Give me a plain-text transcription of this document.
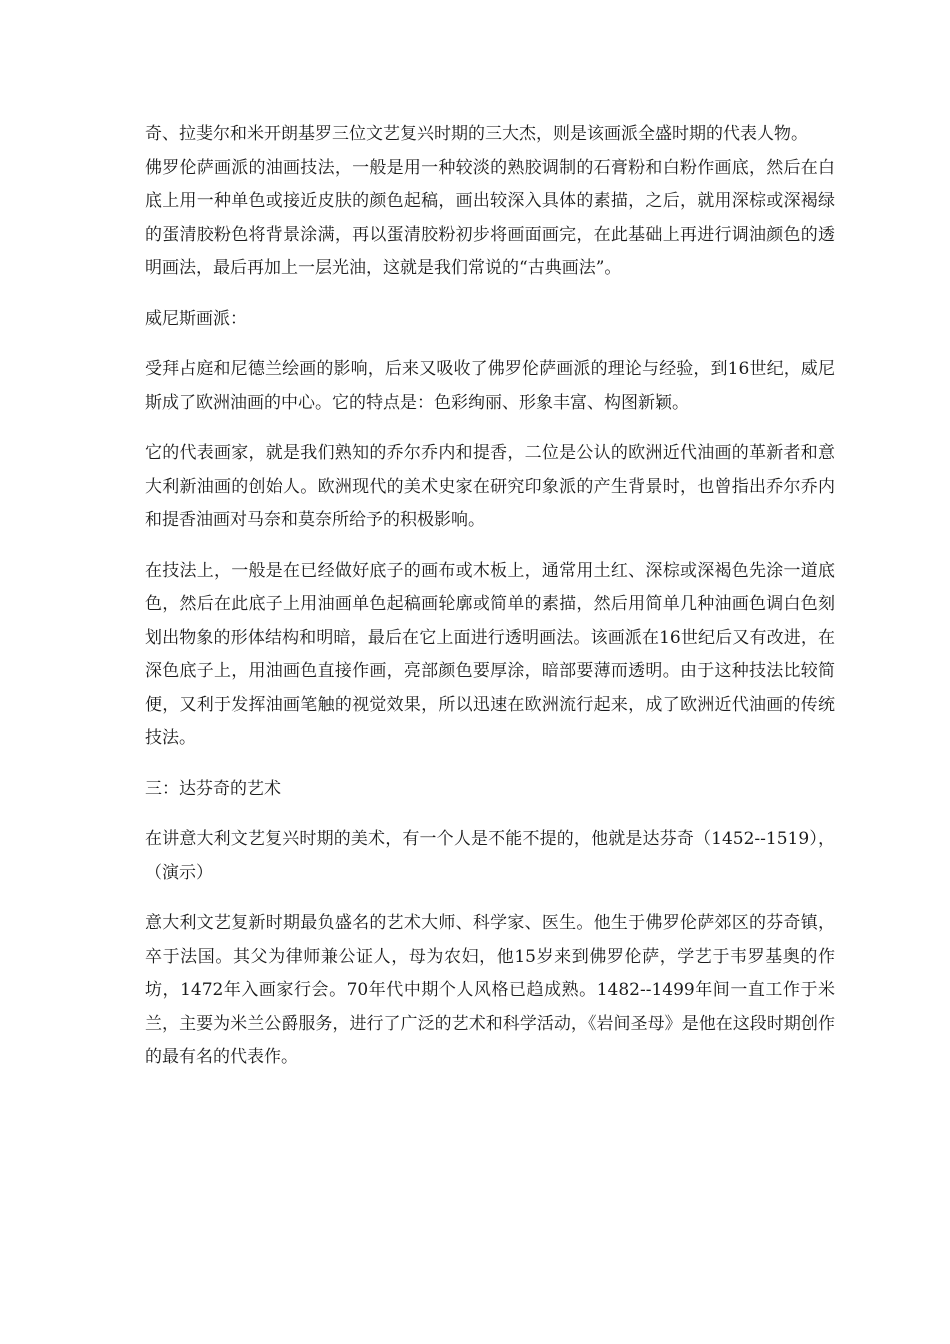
奇、拉斐尔和米开朗基罗三位文艺复兴时期的三大杰，则是该画派全盛时期的代表人物。

佛罗伦萨画派的油画技法，一般是用一种较淡的熟胶调制的石膏粉和白粉作画底，然后在白底上用一种单色或接近皮肤的颜色起稿，画出较深入具体的素描，之后，就用深棕或深褐绿的蛋清胶粉色将背景涂满，再以蛋清胶粉初步将画面画完，在此基础上再进行调油颜色的透明画法，最后再加上一层光油，这就是我们常说的“古典画法”。

威尼斯画派：

受拜占庭和尼德兰绘画的影响，后来又吸收了佛罗伦萨画派的理论与经验，到16世纪，威尼斯成了欧洲油画的中心。它的特点是：色彩绚丽、形象丰富、构图新颖。

它的代表画家，就是我们熟知的乔尔乔内和提香，二位是公认的欧洲近代油画的革新者和意大利新油画的创始人。欧洲现代的美术史家在研究印象派的产生背景时，也曾指出乔尔乔内和提香油画对马奈和莫奈所给予的积极影响。

在技法上，一般是在已经做好底子的画布或木板上，通常用土红、深棕或深褐色先涂一道底色，然后在此底子上用油画单色起稿画轮廓或简单的素描，然后用简单几种油画色调白色刻划出物象的形体结构和明暗，最后在它上面进行透明画法。该画派在16世纪后又有改进，在深色底子上，用油画色直接作画，亮部颜色要厚涂，暗部要薄而透明。由于这种技法比较简便，又利于发挥油画笔触的视觉效果，所以迅速在欧洲流行起来，成了欧洲近代油画的传统技法。

三：达芬奇的艺术

在讲意大利文艺复兴时期的美术，有一个人是不能不提的，他就是达芬奇（1452--1519），（演示）

意大利文艺复新时期最负盛名的艺术大师、科学家、医生。他生于佛罗伦萨郊区的芬奇镇，卒于法国。其父为律师兼公证人，母为农妇，他15岁来到佛罗伦萨，学艺于韦罗基奥的作坊，1472年入画家行会。70年代中期个人风格已趋成熟。1482--1499年间一直工作于米兰，主要为米兰公爵服务，进行了广泛的艺术和科学活动，《岩间圣母》是他在这段时期创作的最有名的代表作。
